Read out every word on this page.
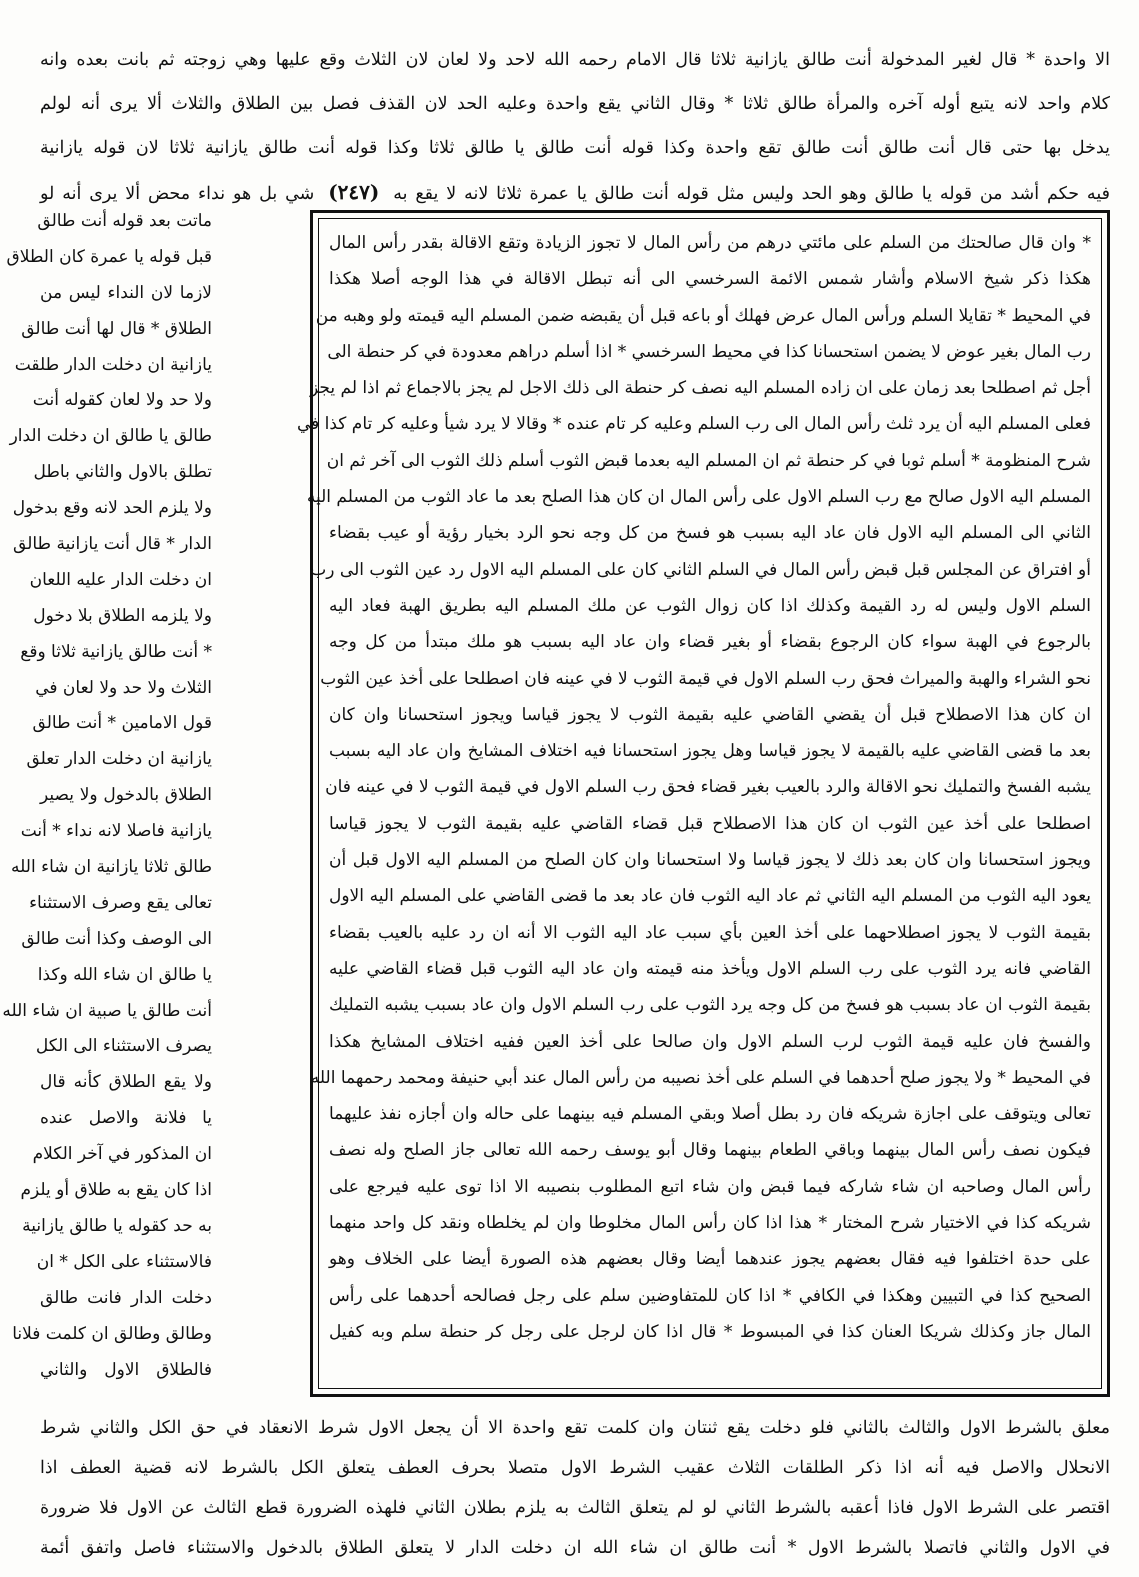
الا واحدة * قال لغير المدخولة أنت طالق يازانية ثلاثا قال الامام رحمه الله لاحد ولا لعان لان الثلاث وقع عليها وهي زوجته ثم بانت بعده وانه
كلام واحد لانه يتبع أوله آخره والمرأة طالق ثلاثا * وقال الثاني يقع واحدة وعليه الحد لان القذف فصل بين الطلاق والثلاث ألا يرى أنه لولم
يدخل بها حتى قال أنت طالق أنت طالق تقع واحدة وكذا قوله أنت طالق يا طالق ثلاثا وكذا قوله أنت طالق يازانية ثلاثا لان قوله يازانية
فيه حكم أشد من قوله يا طالق وهو الحد وليس مثل قوله أنت طالق يا عمرة ثلاثا لانه لا يقع به (٢٤٧) شي بل هو نداء محض ألا يرى أنه لو
ماتت بعد قوله أنت طالق
قبل قوله يا عمرة كان الطلاق
لازما لان النداء ليس من
الطلاق * قال لها أنت طالق
يازانية ان دخلت الدار طلقت
ولا حد ولا لعان كقوله أنت
طالق يا طالق ان دخلت الدار
تطلق بالاول والثاني باطل
ولا يلزم الحد لانه وقع بدخول
الدار * قال أنت يازانية طالق
ان دخلت الدار عليه اللعان
ولا يلزمه الطلاق بلا دخول
* أنت طالق يازانية ثلاثا وقع
الثلاث ولا حد ولا لعان في
قول الامامين * أنت طالق
يازانية ان دخلت الدار تعلق
الطلاق بالدخول ولا يصير
يازانية فاصلا لانه نداء * أنت
طالق ثلاثا يازانية ان شاء الله
تعالى يقع وصرف الاستثناء
الى الوصف وكذا أنت طالق
يا طالق ان شاء الله وكذا
أنت طالق يا صبية ان شاء الله
يصرف الاستثناء الى الكل
ولا يقع الطلاق كأنه قال
يا فلانة والاصل عنده
ان المذكور في آخر الكلام
اذا كان يقع به طلاق أو يلزم
به حد كقوله يا طالق يازانية
فالاستثناء على الكل * ان
دخلت الدار فانت طالق
وطالق وطالق ان كلمت فلانا
فالطلاق الاول والثاني
* وان قال صالحتك من السلم على مائتي درهم من رأس المال لا تجوز الزيادة وتقع الاقالة بقدر رأس المال
هكذا ذكر شيخ الاسلام وأشار شمس الائمة السرخسي الى أنه تبطل الاقالة في هذا الوجه أصلا هكذا
في المحيط * تقايلا السلم ورأس المال عرض فهلك أو باعه قبل أن يقبضه ضمن المسلم اليه قيمته ولو وهبه من
رب المال بغير عوض لا يضمن استحسانا كذا في محيط السرخسي * اذا أسلم دراهم معدودة في كر حنطة الى
أجل ثم اصطلحا بعد زمان على ان زاده المسلم اليه نصف كر حنطة الى ذلك الاجل لم يجز بالاجماع ثم اذا لم يجز
فعلى المسلم اليه أن يرد ثلث رأس المال الى رب السلم وعليه كر تام عنده * وقالا لا يرد شيأ وعليه كر تام كذا في
شرح المنظومة * أسلم ثوبا في كر حنطة ثم ان المسلم اليه بعدما قبض الثوب أسلم ذلك الثوب الى آخر ثم ان
المسلم اليه الاول صالح مع رب السلم الاول على رأس المال ان كان هذا الصلح بعد ما عاد الثوب من المسلم اليه
الثاني الى المسلم اليه الاول فان عاد اليه بسبب هو فسخ من كل وجه نحو الرد بخيار رؤية أو عيب بقضاء
أو افتراق عن المجلس قبل قبض رأس المال في السلم الثاني كان على المسلم اليه الاول رد عين الثوب الى رب
السلم الاول وليس له رد القيمة وكذلك اذا كان زوال الثوب عن ملك المسلم اليه بطريق الهبة فعاد اليه
بالرجوع في الهبة سواء كان الرجوع بقضاء أو بغير قضاء وان عاد اليه بسبب هو ملك مبتدأ من كل وجه
نحو الشراء والهبة والميراث فحق رب السلم الاول في قيمة الثوب لا في عينه فان اصطلحا على أخذ عين الثوب
ان كان هذا الاصطلاح قبل أن يقضي القاضي عليه بقيمة الثوب لا يجوز قياسا ويجوز استحسانا وان كان
بعد ما قضى القاضي عليه بالقيمة لا يجوز قياسا وهل يجوز استحسانا فيه اختلاف المشايخ وان عاد اليه بسبب
يشبه الفسخ والتمليك نحو الاقالة والرد بالعيب بغير قضاء فحق رب السلم الاول في قيمة الثوب لا في عينه فان
اصطلحا على أخذ عين الثوب ان كان هذا الاصطلاح قبل قضاء القاضي عليه بقيمة الثوب لا يجوز قياسا
ويجوز استحسانا وان كان بعد ذلك لا يجوز قياسا ولا استحسانا وان كان الصلح من المسلم اليه الاول قبل أن
يعود اليه الثوب من المسلم اليه الثاني ثم عاد اليه الثوب فان عاد بعد ما قضى القاضي على المسلم اليه الاول
بقيمة الثوب لا يجوز اصطلاحهما على أخذ العين بأي سبب عاد اليه الثوب الا أنه ان رد عليه بالعيب بقضاء
القاضي فانه يرد الثوب على رب السلم الاول ويأخذ منه قيمته وان عاد اليه الثوب قبل قضاء القاضي عليه
بقيمة الثوب ان عاد بسبب هو فسخ من كل وجه يرد الثوب على رب السلم الاول وان عاد بسبب يشبه التمليك
والفسخ فان عليه قيمة الثوب لرب السلم الاول وان صالحا على أخذ العين ففيه اختلاف المشايخ هكذا
في المحيط * ولا يجوز صلح أحدهما في السلم على أخذ نصيبه من رأس المال عند أبي حنيفة ومحمد رحمهما الله
تعالى ويتوقف على اجازة شريكه فان رد بطل أصلا وبقي المسلم فيه بينهما على حاله وان أجازه نفذ عليهما
فيكون نصف رأس المال بينهما وباقي الطعام بينهما وقال أبو يوسف رحمه الله تعالى جاز الصلح وله نصف
رأس المال وصاحبه ان شاء شاركه فيما قبض وان شاء اتبع المطلوب بنصيبه الا اذا توى عليه فيرجع على
شريكه كذا في الاختيار شرح المختار * هذا اذا كان رأس المال مخلوطا وان لم يخلطاه ونقد كل واحد منهما
على حدة اختلفوا فيه فقال بعضهم يجوز عندهما أيضا وقال بعضهم هذه الصورة أيضا على الخلاف وهو
الصحيح كذا في التبيين وهكذا في الكافي * اذا كان للمتفاوضين سلم على رجل فصالحه أحدهما على رأس
المال جاز وكذلك شريكا العنان كذا في المبسوط * قال اذا كان لرجل على رجل كر حنطة سلم وبه كفيل
معلق بالشرط الاول والثالث بالثاني فلو دخلت يقع ثنتان وان كلمت تقع واحدة الا أن يجعل الاول شرط الانعقاد في حق الكل والثاني شرط
الانحلال والاصل فيه أنه اذا ذكر الطلقات الثلاث عقيب الشرط الاول متصلا بحرف العطف يتعلق الكل بالشرط لانه قضية العطف اذا
اقتصر على الشرط الاول فاذا أعقبه بالشرط الثاني لو لم يتعلق الثالث به يلزم بطلان الثاني فلهذه الضرورة قطع الثالث عن الاول فلا ضرورة
في الاول والثاني فاتصلا بالشرط الاول * أنت طالق ان شاء الله ان دخلت الدار لا يتعلق الطلاق بالدخول والاستثناء فاصل واتفق أئمة
